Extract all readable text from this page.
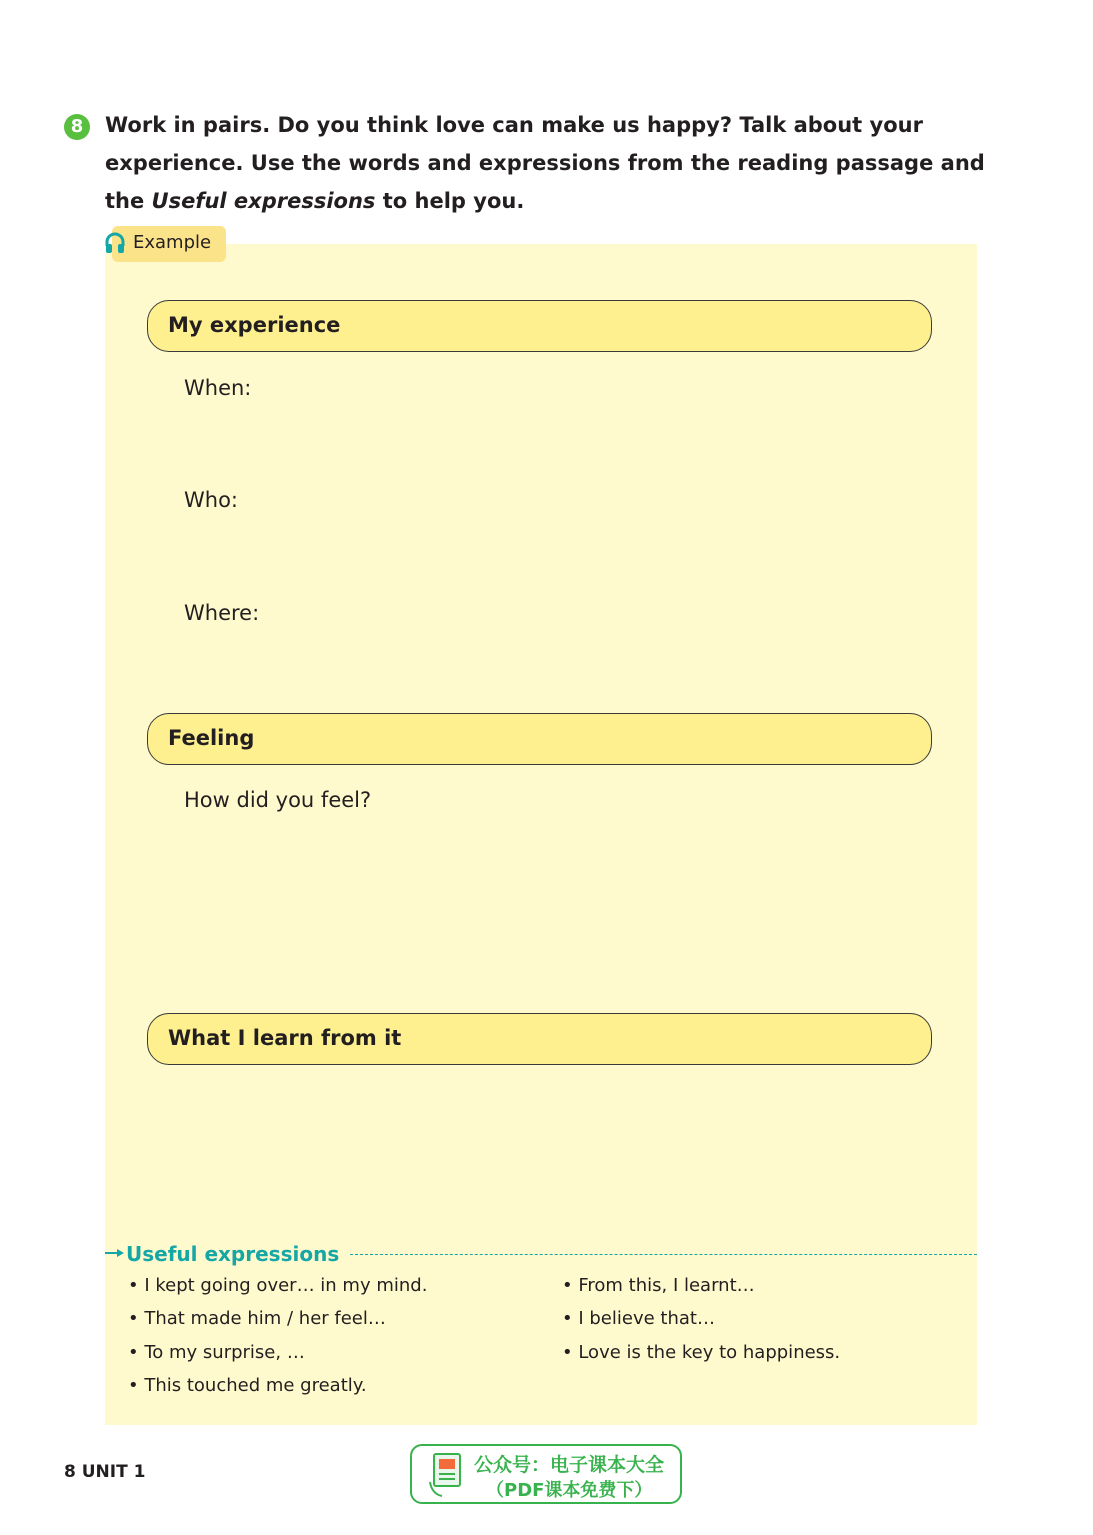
8	Work in pairs. Do you think love can make us happy? Talk about your experience. Use the words and expressions from the reading passage and the Useful expressions to help you.
Example
My experience
When:
Who:
Where:
Feeling
How did you feel?
What I learn from it
Useful expressions
• I kept going over… in my mind.
• That made him / her feel…
• To my surprise, …
• This touched me greatly.
• From this, I learnt…
• I believe that…
• Love is the key to happiness.
8 UNIT 1	公众号：电子课本大全
（PDF课本免费下）
